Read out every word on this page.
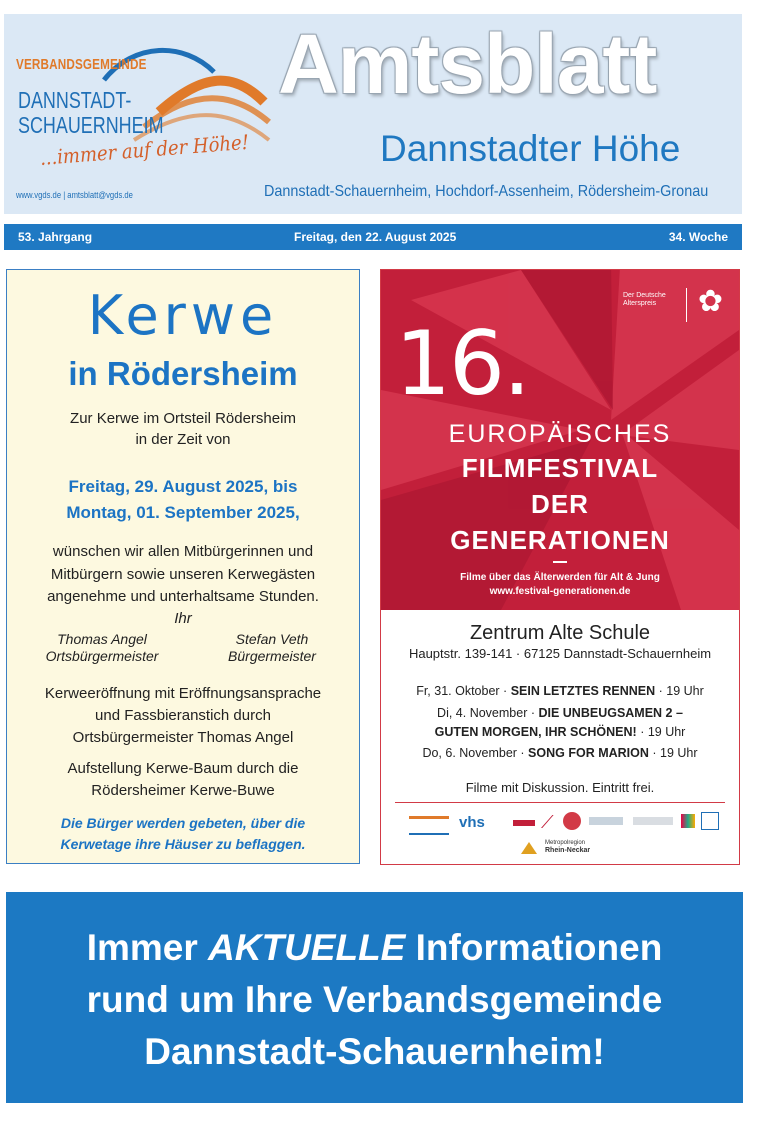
VERBANDSGEMEINDE
DANNSTADT-
SCHAUERNHEIM
...immer auf der Höhe!
www.vgds.de | amtsblatt@vgds.de
Amtsblatt
Dannstadter Höhe
Dannstadt-Schauernheim, Hochdorf-Assenheim, Rödersheim-Gronau
53. Jahrgang	Freitag, den 22. August 2025	34. Woche
Kerwe
in Rödersheim
Zur Kerwe im Ortsteil Rödersheim
in der Zeit von
Freitag, 29. August 2025, bis
Montag, 01. September 2025,
wünschen wir allen Mitbürgerinnen und
Mitbürgern sowie unseren Kerwegästen
angenehme und unterhaltsame Stunden.
Ihr
Thomas Angel
Ortsbürgermeister
Stefan Veth
Bürgermeister
Kerweeröffnung mit Eröffnungsansprache
und Fassbieranstich durch
Ortsbürgermeister Thomas Angel
Aufstellung Kerwe-Baum durch die
Rödersheimer Kerwe-Buwe
Die Bürger werden gebeten, über die
Kerwetage ihre Häuser zu beflaggen.
Der Deutsche Alterspreis	✿
16.
EUROPÄISCHES
FILMFESTIVAL
DER
GENERATIONEN
Filme über das Älterwerden für Alt & Jung
www.festival-generationen.de
Zentrum Alte Schule
Hauptstr. 139-141 · 67125 Dannstadt-Schauernheim
Fr, 31. Oktober · SEIN LETZTES RENNEN · 19 Uhr
Di, 4. November · DIE UNBEUGSAMEN 2 –
GUTEN MORGEN, IHR SCHÖNEN! · 19 Uhr
Do, 6. November · SONG FOR MARION · 19 Uhr
Filme mit Diskussion. Eintritt frei.
vhs	⟋
Metropolregion
Rhein-Neckar
Immer AKTUELLE Informationen
rund um Ihre Verbandsgemeinde
Dannstadt-Schauernheim!
